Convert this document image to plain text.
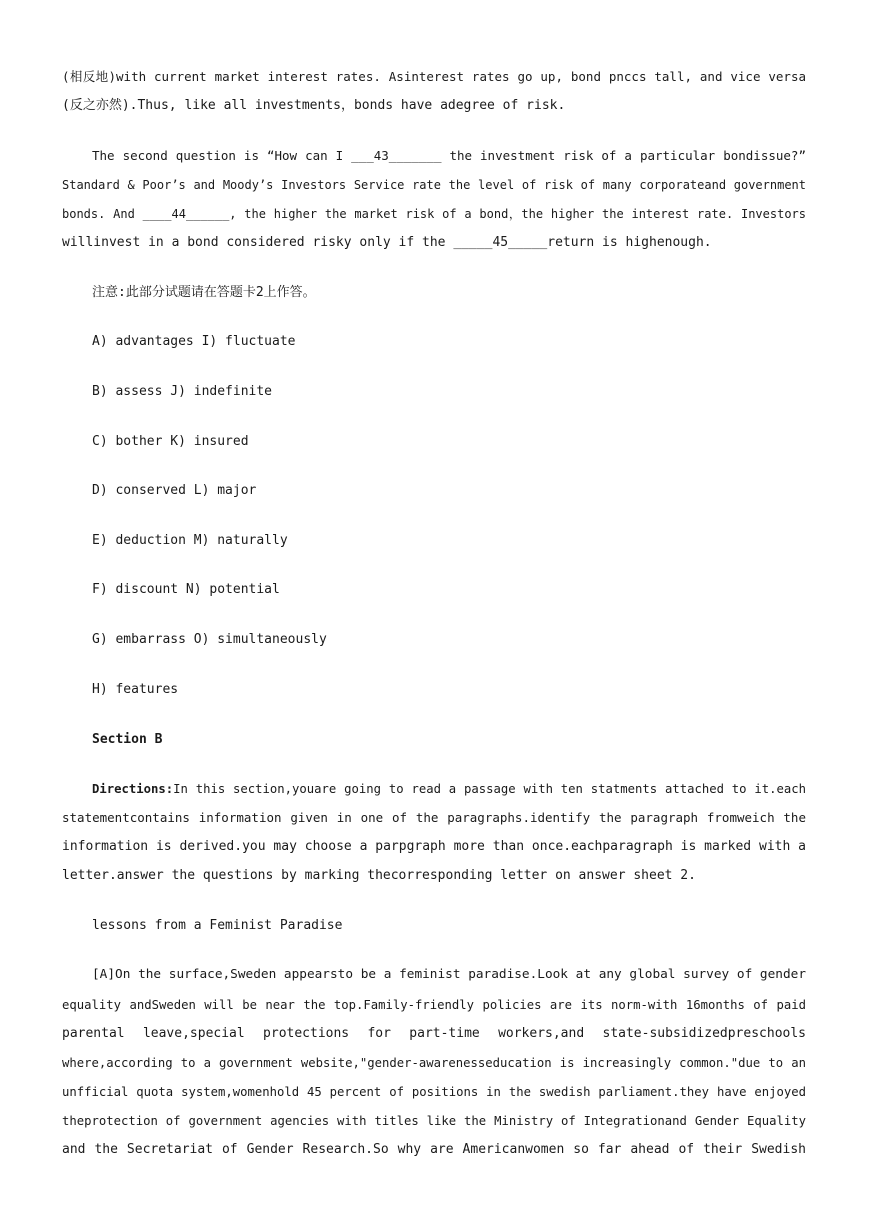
(相反地)with current market interest rates. Asinterest rates go up, bond pnccs tall, and vice versa
(反之亦然).Thus, like all investments，bonds have adegree of risk.
The second question is “How can I ___43_______ the investment risk of a particular bondissue?”
Standard & Poor’s and Moody’s Investors Service rate the level of risk of many corporateand government
bonds. And ____44______, the higher the market risk of a bond，the higher the interest rate. Investors
willinvest in a bond considered risky only if the _____45_____return is highenough.
注意:此部分试题请在答题卡2上作答。
A) advantages I) fluctuate
B) assess J) indefinite
C) bother K) insured
D) conserved L) major
E) deduction M) naturally
F) discount N) potential
G) embarrass O) simultaneously
H) features
Section B
Directions:In this section,youare going to read a passage with ten statments attached to it.each
statementcontains information given in one of the paragraphs.identify the paragraph fromweich the
information is derived.you may choose a parpgraph more than once.eachparagraph is marked with a
letter.answer the questions by marking thecorresponding letter on answer sheet 2.
lessons from a Feminist Paradise
[A]On the surface,Sweden appearsto be a feminist paradise.Look at any global survey of gender
equality andSweden will be near the top.Family-friendly policies are its norm-with 16months of paid
parental leave,special protections for part-time workers,and state-subsidizedpreschools
where,according to a government website,"gender-awarenesseducation is increasingly common."due to an
unfficial quota system,womenhold 45 percent of positions in the swedish parliament.they have enjoyed
theprotection of government agencies with titles like the Ministry of Integrationand Gender Equality
and the Secretariat of Gender Research.So why are Americanwomen so far ahead of their Swedish
